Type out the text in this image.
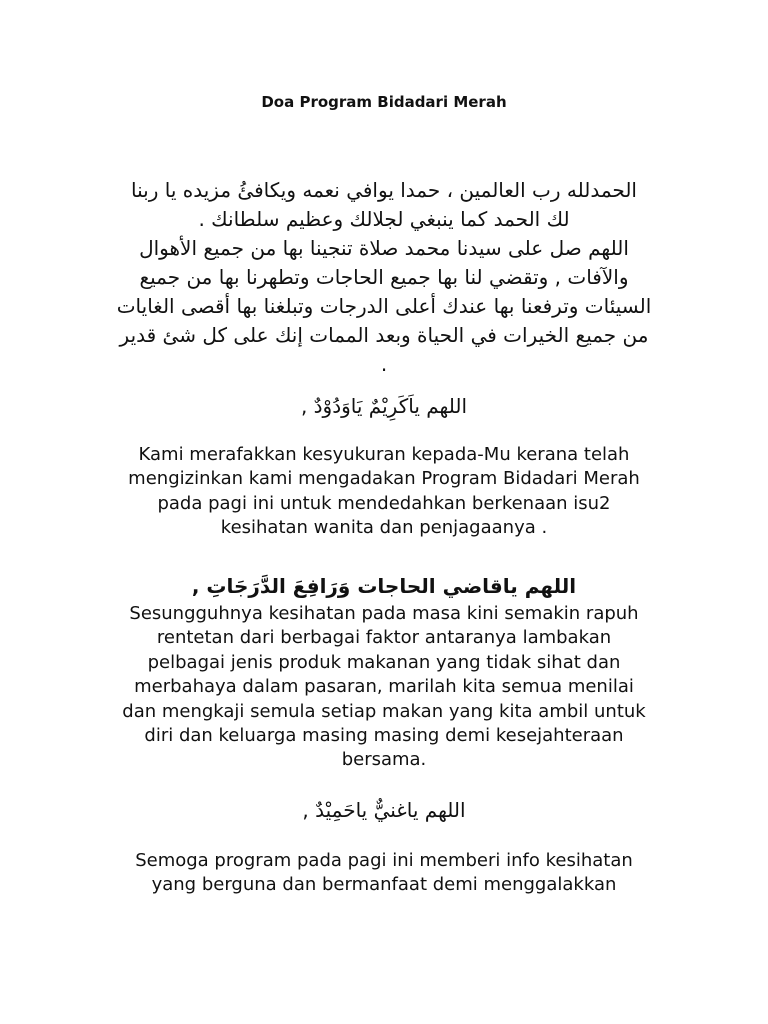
Doa Program Bidadari Merah
الحمدلله رب العالمين ، حمدا يوافي نعمه ويكافئُ مزيده يا ربنا
لك الحمد كما ينبغي لجلالك وعظيم سلطانك .
اللهم صل على سيدنا محمد صلاة تنجينا بها من جميع الأهوال
والآفات , وتقضي لنا بها جميع الحاجات وتطهرنا بها من جميع
السيئات وترفعنا بها عندك أعلى الدرجات وتبلغنا بها أقصى الغايات
من جميع الخيرات في الحياة وبعد الممات إنك على كل شئ قدير
.
اللهم ياَكَرِيْمٌ يَاوَدُوْدٌ ,
Kami merafakkan kesyukuran kepada-Mu kerana telah
mengizinkan kami mengadakan Program Bidadari Merah
pada pagi ini untuk mendedahkan berkenaan isu2
kesihatan wanita dan penjagaanya .
اللهم ياقاضي الحاجات وَرَافِعَ الدَّرَجَاتِ ,
Sesungguhnya kesihatan pada masa kini semakin rapuh
rentetan dari berbagai faktor antaranya lambakan
pelbagai jenis produk makanan yang tidak sihat dan
merbahaya dalam pasaran, marilah kita semua menilai
dan mengkaji semula setiap makan yang kita ambil untuk
diri dan keluarga masing masing demi kesejahteraan
bersama.
اللهم ياغنيٌّ ياحَمِيْدٌ ,
Semoga program pada pagi ini memberi info kesihatan
yang berguna dan bermanfaat demi menggalakkan
